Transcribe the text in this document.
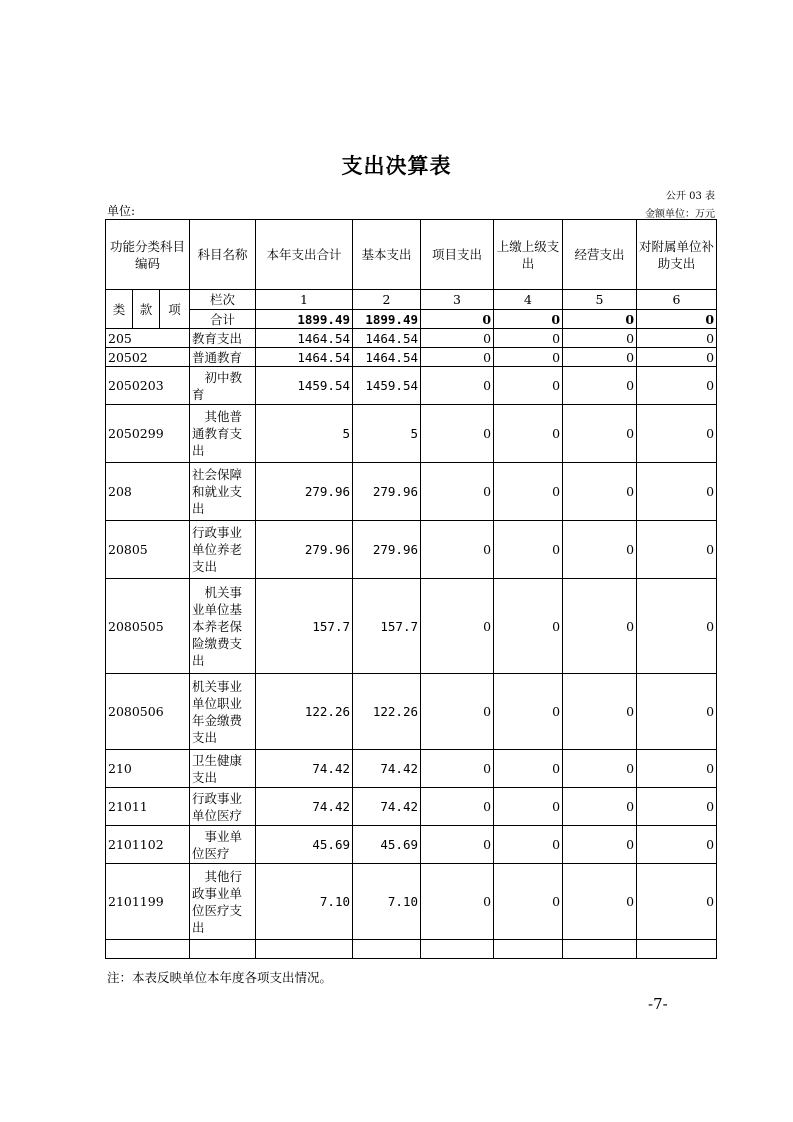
支出决算表
公开 03 表
单位:	金额单位：万元
功能分类科目编码			科目名称	本年支出合计	基本支出	项目支出	上缴上级支出	经营支出	对附属单位补助支出
类	款	项	栏次	1	2	3	4	5	6
			合计	1899.49	1899.49	0	0	0	0
205			教育支出	1464.54	1464.54	0	0	0	0
20502			普通教育	1464.54	1464.54	0	0	0	0
2050203			初中教育	1459.54	1459.54	0	0	0	0
2050299			其他普通教育支出	5	5	0	0	0	0
208			社会保障和就业支出	279.96	279.96	0	0	0	0
20805			行政事业单位养老支出	279.96	279.96	0	0	0	0
2080505			机关事业单位基本养老保险缴费支出	157.7	157.7	0	0	0	0
2080506			机关事业单位职业年金缴费支出	122.26	122.26	0	0	0	0
210			卫生健康支出	74.42	74.42	0	0	0	0
21011			行政事业单位医疗	74.42	74.42	0	0	0	0
2101102			事业单位医疗	45.69	45.69	0	0	0	0
2101199			其他行政事业单位医疗支出	7.10	7.10	0	0	0	0

注：本表反映单位本年度各项支出情况。
-7-
